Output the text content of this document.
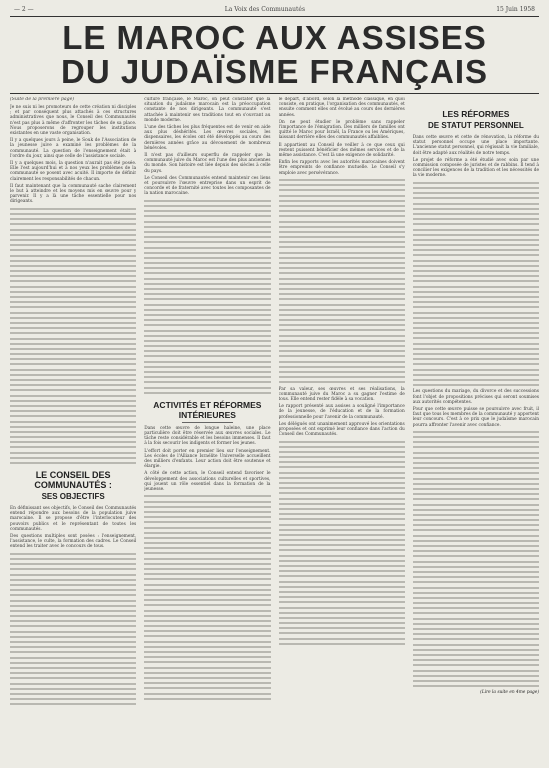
— 2 —	La Voix des Communautés	15 Juin 1958
LE MAROC AUX ASSISES
DU JUDAÏSME FRANÇAIS
(Suite de la première page)

Je ne suis ni les promoteurs de cette création ni disciples ; et par conséquent plus attachés à ces structures administratives que nous, le Conseil des Communautés n'est pas plus à même d'affronter les tâches de sa place. Nous proposerons de regrouper les institutions existantes en une vaste organisation.

Il y a quelques jours à peine, le Souk de l'Association de la jeunesse juive a examiné les problèmes de la communauté. La question de l'enseignement était à l'ordre du jour, ainsi que celle de l'assistance sociale.

Il y a quelques mois, la question n'aurait pas été posée. Elle l'est aujourd'hui et à nos yeux les problèmes de la communauté se posent avec acuité. Il importe de définir clairement les responsabilités de chacun.

Il faut maintenant que la communauté sache clairement le but à atteindre et les moyens mis en œuvre pour y parvenir. Il y a là une tâche essentielle pour nos dirigeants.

LE CONSEIL DES COMMUNAUTÉS :
SES OBJECTIFS

En définissant ses objectifs, le Conseil des Communautés entend répondre aux besoins de la population juive marocaine. Il se propose d'être l'interlocuteur des pouvoirs publics et le représentant de toutes les communautés.

Des questions multiples sont posées : l'enseignement, l'assistance, le culte, la formation des cadres. Le Conseil entend les traiter avec le concours de tous.

culture française, le Maroc, on peut constater que la situation du judaïsme marocain est la préoccupation constante de nos dirigeants. La communauté s'est attachée à maintenir ses traditions tout en s'ouvrant au monde moderne.

L'une des tâches les plus fréquentes est de venir en aide aux plus déshérités. Les œuvres sociales, les dispensaires, les écoles ont été développés au cours des dernières années grâce au dévouement de nombreux bénévoles.

Il n'est pas d'ailleurs superflu de rappeler que la communauté juive du Maroc est l'une des plus anciennes du monde. Son histoire est liée depuis des siècles à celle du pays.

Le Conseil des Communautés entend maintenir ces liens et poursuivre l'œuvre entreprise dans un esprit de concorde et de fraternité avec toutes les composantes de la nation marocaine.

ACTIVITÉS ET RÉFORMES INTÉRIEURES

Dans cette œuvre de longue haleine, une place particulière doit être réservée aux œuvres sociales. Le tâche reste considérable et les besoins immenses. Il faut à la fois secourir les indigents et former les jeunes.

L'effort doit porter en premier lieu sur l'enseignement. Les écoles de l'Alliance Israélite Universelle accueillent des milliers d'enfants. Leur action doit être soutenue et élargie.

A côté de cette action, le Conseil entend favoriser le développement des associations culturelles et sportives, qui jouent un rôle essentiel dans la formation de la jeunesse.

le départ, d'abord, selon la méthode classique, en quoi consiste, en pratique, l'organisation des communautés, et ensuite comment elles ont évolué au cours des dernières années.

On ne peut étudier le problème sans rappeler l'importance de l'émigration. Des milliers de familles ont quitté le Maroc pour Israël, la France ou les Amériques, laissant derrière elles des communautés affaiblies.

Il appartient au Conseil de veiller à ce que ceux qui restent puissent bénéficier des mêmes services et de la même assistance. C'est là une exigence de solidarité.

Enfin les rapports avec les autorités marocaines doivent être empreints de confiance mutuelle. Le Conseil s'y emploie avec persévérance.

Par sa valeur, ses œuvres et ses réalisations, la communauté juive du Maroc a su gagner l'estime de tous. Elle entend rester fidèle à sa vocation.

Le rapport présenté aux assises a souligné l'importance de la jeunesse, de l'éducation et de la formation professionnelle pour l'avenir de la communauté.

Les délégués ont unanimement approuvé les orientations proposées et ont exprimé leur confiance dans l'action du Conseil des Communautés.

LES RÉFORMES
DE STATUT PERSONNEL

Dans cette œuvre et cette de rénovation, la réforme du statut personnel occupe une place importante. L'ancienne statut personnel, qui régissait la vie familiale, doit être adapté aux réalités de notre temps.

Le projet de réforme a été étudié avec soin par une commission composée de juristes et de rabbins. Il tend à concilier les exigences de la tradition et les nécessités de la vie moderne.

Les questions du mariage, du divorce et des successions font l'objet de propositions précises qui seront soumises aux autorités compétentes.

Pour que cette œuvre puisse se poursuivre avec fruit, il faut que tous les membres de la communauté y apportent leur concours. C'est à ce prix que le judaïsme marocain pourra affronter l'avenir avec confiance.

(Lire la suite en 4me page)
